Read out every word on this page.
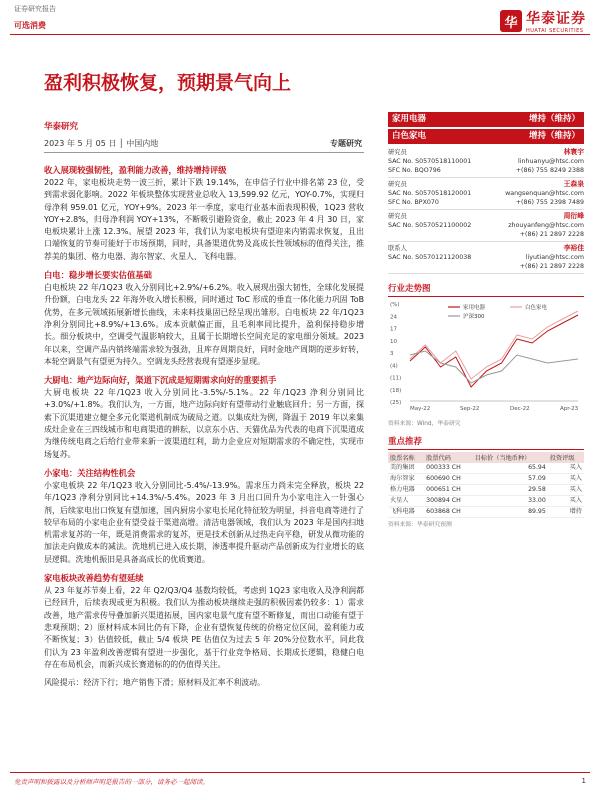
证券研究报告
可选消费	华 华泰证券
HUATAI SECURITIES
盈利积极恢复，预期景气向上
华泰研究
2023 年 5 月 05 日 │ 中国内地	专题研究
收入展现较强韧性，盈利能力改善，维持增持评级
2022 年，家电板块走势一波三折，累计下跌 19.14%，在申信子行业中排名第 23 位，受到需求弱化影响。2022 年板块整体实现营业总收入 13,599.92 亿元，YOY-0.7%，实现归母净利 959.01 亿元，YOY+9%。2023 年一季度，家电行业基本面表现积极，1Q23 营收 YOY+2.8%，归母净利润 YOY+13%，不断吸引避险资金，截止 2023 年 4 月 30 日，家电板块累计上涨 12.3%。展望 2023 年，我们认为家电板块有望迎来内销需求恢复，且出口端恢复的节奏可能好于市场预期，同时，具备渠道优势及高成长性领域标的值得关注，推荐美的集团、格力电器、海尔智家、火星人、飞科电器。
白电：稳步增长要实估值基础
白电板块 22 年/1Q23 收入分别同比+2.9%/+6.2%。收入展现出强大韧性，全球化发展提升份额，白电龙头 22 年海外收入增长积极，同时通过 ToC 形成的垂直一体化能力巩固 ToB 优势，在多元领域拓展新增长曲线，未来料技巢固已经呈现出雏形。白电板块 22 年/1Q23 净利分别同比+8.9%/+13.6%。成本贡献偏正面，且毛利率同比提升，盈利保持稳步增长。细分板块中，空调受气温影响较大，且属于长期增长空间充足的家电细分领域。2023 年以来，空调产品内销终端需求较为强劲，且库存周期良好，同时金地产周期的逆步好转，本轮空调景气有望更为持久。空调龙头经营表现有望逐步显现。
大厨电：地产边际向好，渠道下沉成是短期需求向好的重要抓手
大厨电板块 22 年/1Q23 收入分别同比-3.5%/-5.1%。22 年/1Q23 净利分别同比+3.0%/+1.8%。我们认为，一方面，地产边际向好有望带动行业触底回升；另一方面，探索下沉渠道建立健全多元化渠道机制成为破局之道。以集成灶为例，降温于 2019 年以来集成灶企业在三四线城市和电商渠道的耕耘，以京东小店、天猫优品为代表的电商下沉渠道成为继传统电商之后给行业带来新一波渠道红利，助力企业应对短期需求的不确定性，实现市场复苏。
小家电：关注结构性机会
小家电板块 22 年/1Q23 收入分别同比-5.4%/-13.9%。需求压力尚未完全释放，板块 22 年/1Q23 净利分别同比+14.3%/-5.4%。2023 年 3 月出口回升为小家电注入一针强心剂，后续家电出口恢复有望加速，国内厨房小家电长尾化特征较为明显，抖音电商等进行了较早布局的小家电企业有望受益于渠道高增。清洁电器领域，我们认为 2023 年是国内扫地机需求复苏的一年，既是消费需求的复苏，更是技术创新从过热走向平稳，研发从微功能的加法走向做成本的减法。洗地机已进入成长期，渗透率提升驱动产品创新成为行业增长的底层逻辑。洗地机振旧是具备高成长的优质赛道。
家电板块改善趋势有望延续
从 23 年复苏节奏上看，22 年 Q2/Q3/Q4 基数均较低，考虑到 1Q23 家电收入及净利润都已经回升，后续表现或更为积极。我们认为推动板块继续走强的积极因素仍较多：1）需求改善，地产需求传导叠加新兴渠道拓展，国内家电景气度有望不断修复，而出口动能有望于悲观预期；2）原材料成本同比仍有下降，企业有望恢复传统的价格定位区间，盈利能力或不断恢复；3）估值较低，截止 5/4 板块 PE 估值仅为过去 5 年 20%分位数水平，同此我们认为 23 年盈利改善逻辑有望进一步强化，基于行业竞争格局、长期成长逻辑，稳健白电存在布局机会，而新兴成长赛道标的的仍值得关注。
风险提示：经济下行；地产销售下滑；原材料及汇率不利波动。
家用电器	增持（维持）
白色家电	增持（维持）
研究员	林寰宇
SAC No. S0570518110001	linhuanyu@htsc.com
SFC No. BQO796	+(86) 755 8249 2388
研究员	王森泉
SAC No. S0570518120001	wangsenquan@htsc.com
SFC No. BPX070	+(86) 755 2398 7489
研究员	周衍峰
SAC No. S0570521100002	zhouyanfeng@htsc.com
+(86) 21 2897 2228
联系人	李裕佳
SAC No. S0570121120038	liyutian@htsc.com
+(86) 21 2897 2228
行业走势图
(%)
24
17
10
3
(4)
(11)
(18)
(25)
May-22	Sep-22	Dec-22	Apr-23
家用电器	白色家电
沪深300
资料来源：Wind，华泰研究
重点推荐
股票名称	股票代码	目标价（当地币种）	投资评级
美的集团	000333 CH	65.94	买入
海尔智家	600690 CH	57.09	买入
格力电器	000651 CH	29.58	买入
火星人	300894 CH	33.00	买入
飞科电器	603868 CH	89.95	增持
资料来源：华泰研究预测
免责声明和披露以及分析师声明是报告的一部分，请务必一起阅读。	1
